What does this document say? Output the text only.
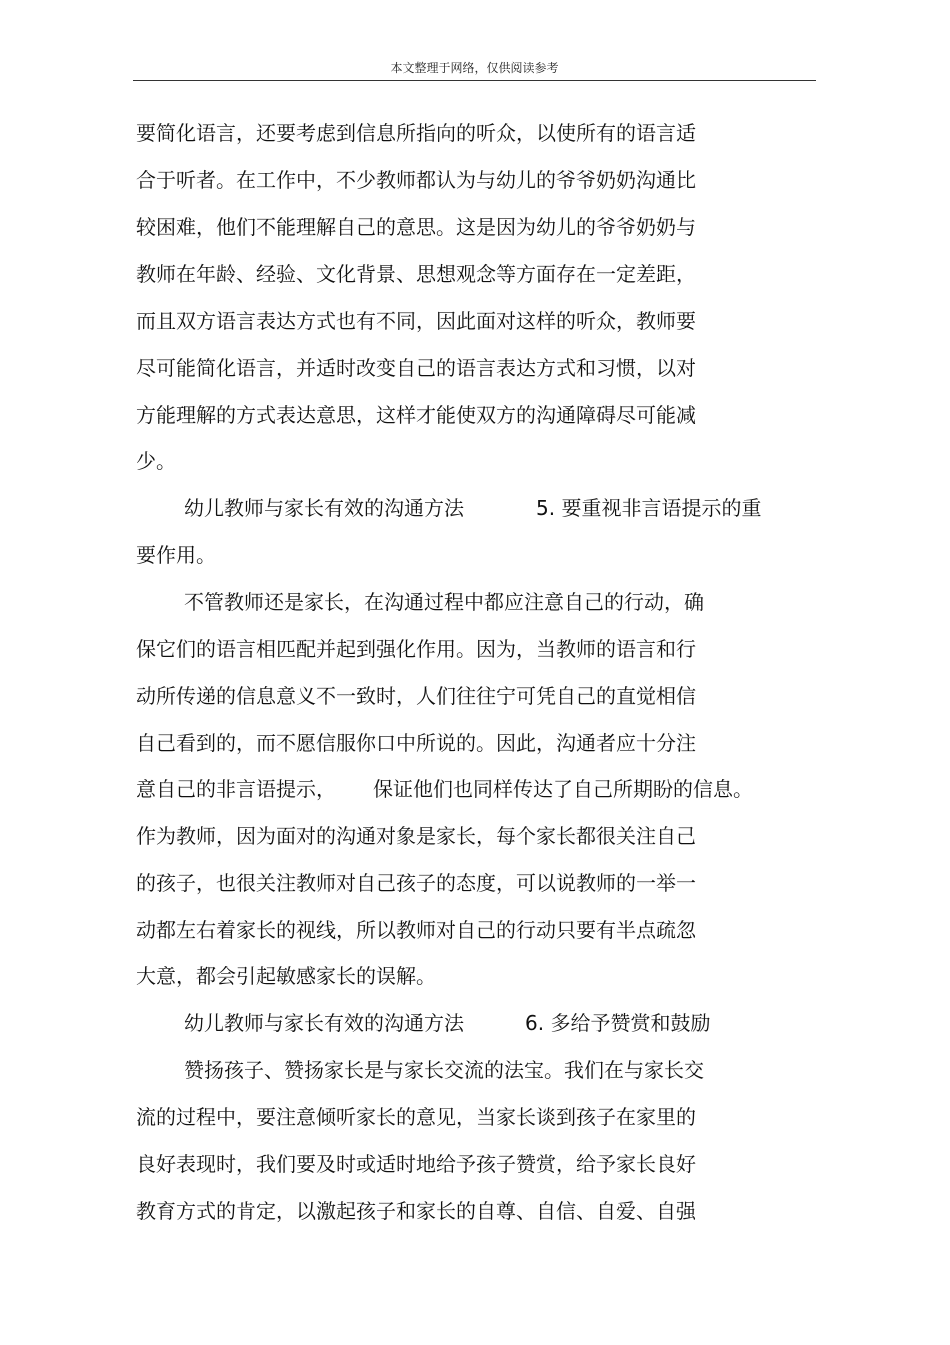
本文整理于网络，仅供阅读参考
要简化语言，还要考虑到信息所指向的听众，以使所有的语言适
合于听者。在工作中，不少教师都认为与幼儿的爷爷奶奶沟通比
较困难，他们不能理解自己的意思。这是因为幼儿的爷爷奶奶与
教师在年龄、经验、文化背景、思想观念等方面存在一定差距，
而且双方语言表达方式也有不同，因此面对这样的听众，教师要
尽可能简化语言，并适时改变自己的语言表达方式和习惯，以对
方能理解的方式表达意思，这样才能使双方的沟通障碍尽可能减
少。
幼儿教师与家长有效的沟通方法	5. 要重视非言语提示的重
要作用。
不管教师还是家长，在沟通过程中都应注意自己的行动，确
保它们的语言相匹配并起到强化作用。因为，当教师的语言和行
动所传递的信息意义不一致时，人们往往宁可凭自己的直觉相信
自己看到的，而不愿信服你口中所说的。因此，沟通者应十分注
意自己的非言语提示， 保证他们也同样传达了自己所期盼的信息。
作为教师，因为面对的沟通对象是家长，每个家长都很关注自己
的孩子，也很关注教师对自己孩子的态度，可以说教师的一举一
动都左右着家长的视线，所以教师对自己的行动只要有半点疏忽
大意，都会引起敏感家长的误解。
幼儿教师与家长有效的沟通方法	6. 多给予赞赏和鼓励
赞扬孩子、赞扬家长是与家长交流的法宝。我们在与家长交
流的过程中，要注意倾听家长的意见，当家长谈到孩子在家里的
良好表现时，我们要及时或适时地给予孩子赞赏，给予家长良好
教育方式的肯定，以激起孩子和家长的自尊、自信、自爱、自强
